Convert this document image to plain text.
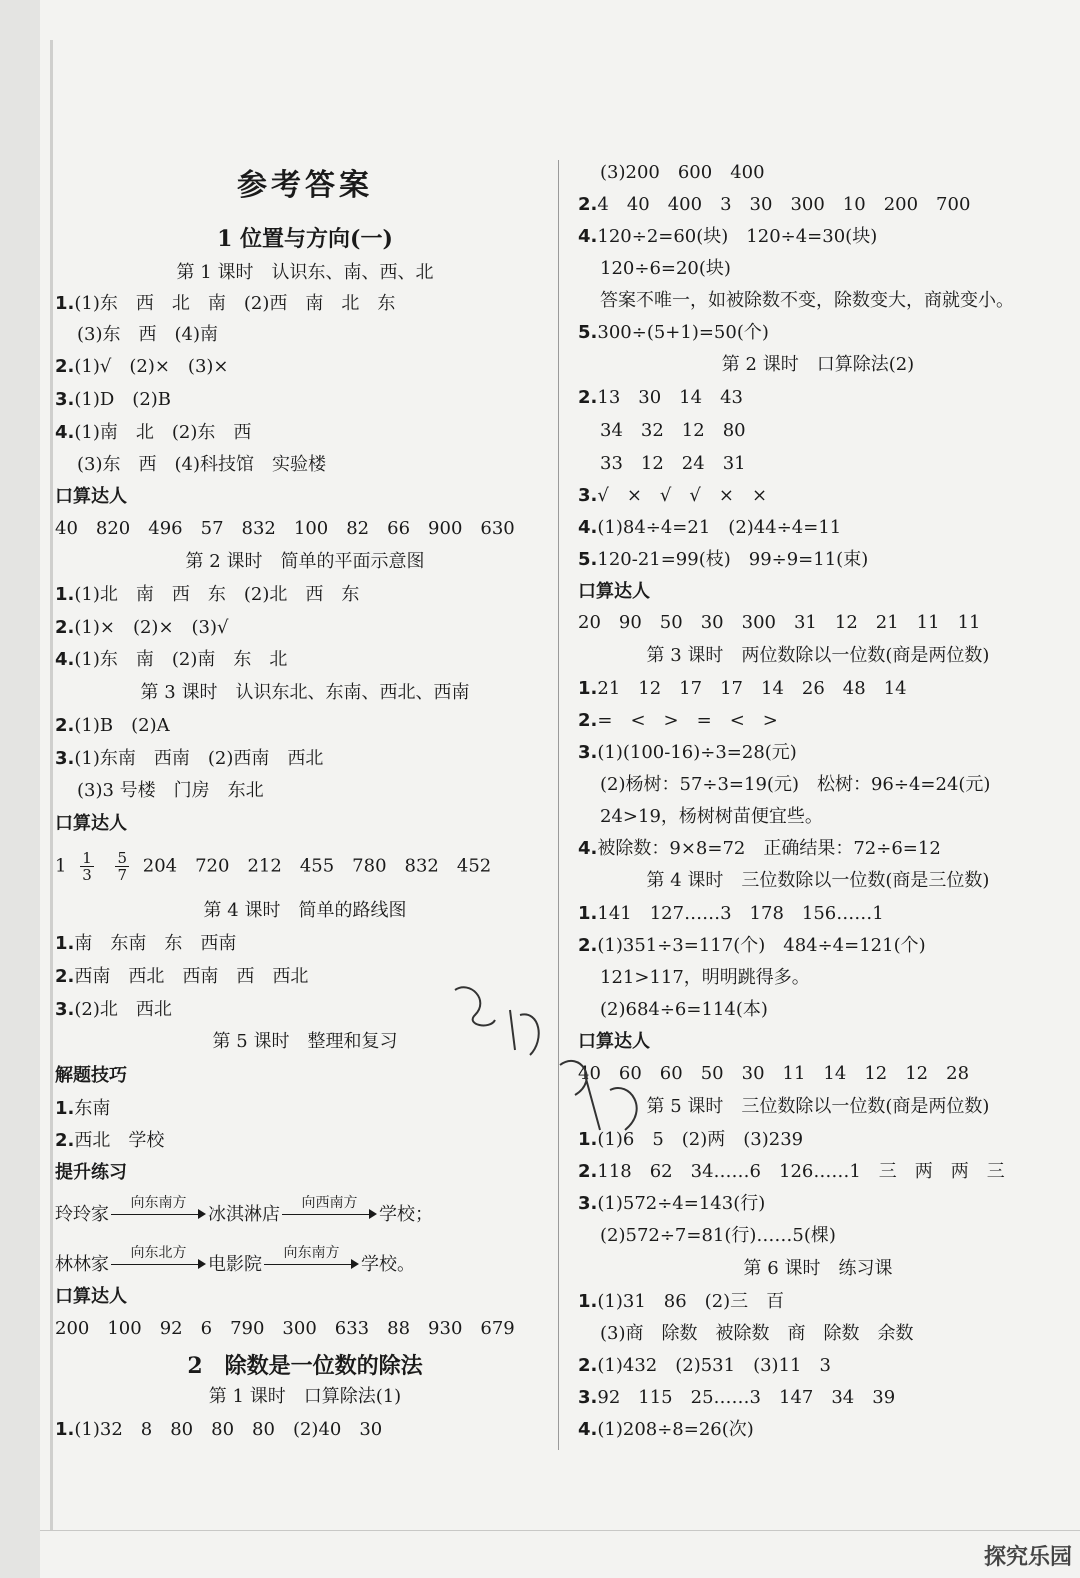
参考答案
1 位置与方向(一)
第 1 课时　认识东、南、西、北
1.(1)东　西　北　南　(2)西　南　北　东
(3)东　西　(4)南
2.(1)√　(2)×　(3)×
3.(1)D　(2)B
4.(1)南　北　(2)东　西
(3)东　西　(4)科技馆　实验楼
口算达人
40　820　496　57　832　100　82　66　900　630
第 2 课时　简单的平面示意图
1.(1)北　南　西　东　(2)北　西　东
2.(1)×　(2)×　(3)√
4.(1)东　南　(2)南　东　北
第 3 课时　认识东北、东南、西北、西南
2.(1)B　(2)A
3.(1)东南　西南　(2)西南　西北
(3)3 号楼　门房　东北
口算达人
$1 \frac{1}{3}$
$\frac{5}{7} 204$　720　212　455　780　832　452
第 4 课时　简单的路线图
1.南　东南　东　西南
2.西南　西北　西南　西　西北
3.(2)北　西北
第 5 课时　整理和复习
解题技巧
1.东南
2.西北　学校
提升练习
玲玲家
向东南方
冰淇淋店
向西南方
学校；
林林家
向东北方
电影院
向东南方
学校。
口算达人
200　100　92　6　790　300　633　88　930　679
2　除数是一位数的除法
第 1 课时　口算除法(1)
1.(1)32　8　80　80　80　(2)40　30
(3)200　600　400
2.4　40　400　3　30　300　10　200　700
4.120÷2=60(块)　120÷4=30(块)
120÷6=20(块)
答案不唯一，如被除数不变，除数变大，商就变小。
5.300÷(5+1)=50(个)
第 2 课时　口算除法(2)
2.13　30　14　43
34　32　12　80
33　12　24　31
3.√　×　√　√　×　×
4.(1)84÷4=21　(2)44÷4=11
5.120-21=99(枝)　99÷9=11(束)
口算达人
20　90　50　30　300　31　12　21　11　11
第 3 课时　两位数除以一位数(商是两位数)
1.21　12　17　17　14　26　48　14
2.=　<　>　=　<　>
3.(1)(100-16)÷3=28(元)
(2)杨树：57÷3=19(元)　松树：96÷4=24(元)
24>19，杨树树苗便宜些。
4.被除数：9×8=72　正确结果：72÷6=12
第 4 课时　三位数除以一位数(商是三位数)
1.141　127……3　178　156……1
2.(1)351÷3=117(个)　484÷4=121(个)
121>117，明明跳得多。
(2)684÷6=114(本)
口算达人
40　60　60　50　30　11　14　12　12　28
第 5 课时　三位数除以一位数(商是两位数)
1.(1)6　5　(2)两　(3)239
2.118　62　34……6　126……1　三　两　两　三
3.(1)572÷4=143(行)
(2)572÷7=81(行)……5(棵)
第 6 课时　练习课
1.(1)31　86　(2)三　百
(3)商　除数　被除数　商　除数　余数
2.(1)432　(2)531　(3)11　3
3.92　115　25……3　147　34　39
4.(1)208÷8=26(次)
探究乐园
